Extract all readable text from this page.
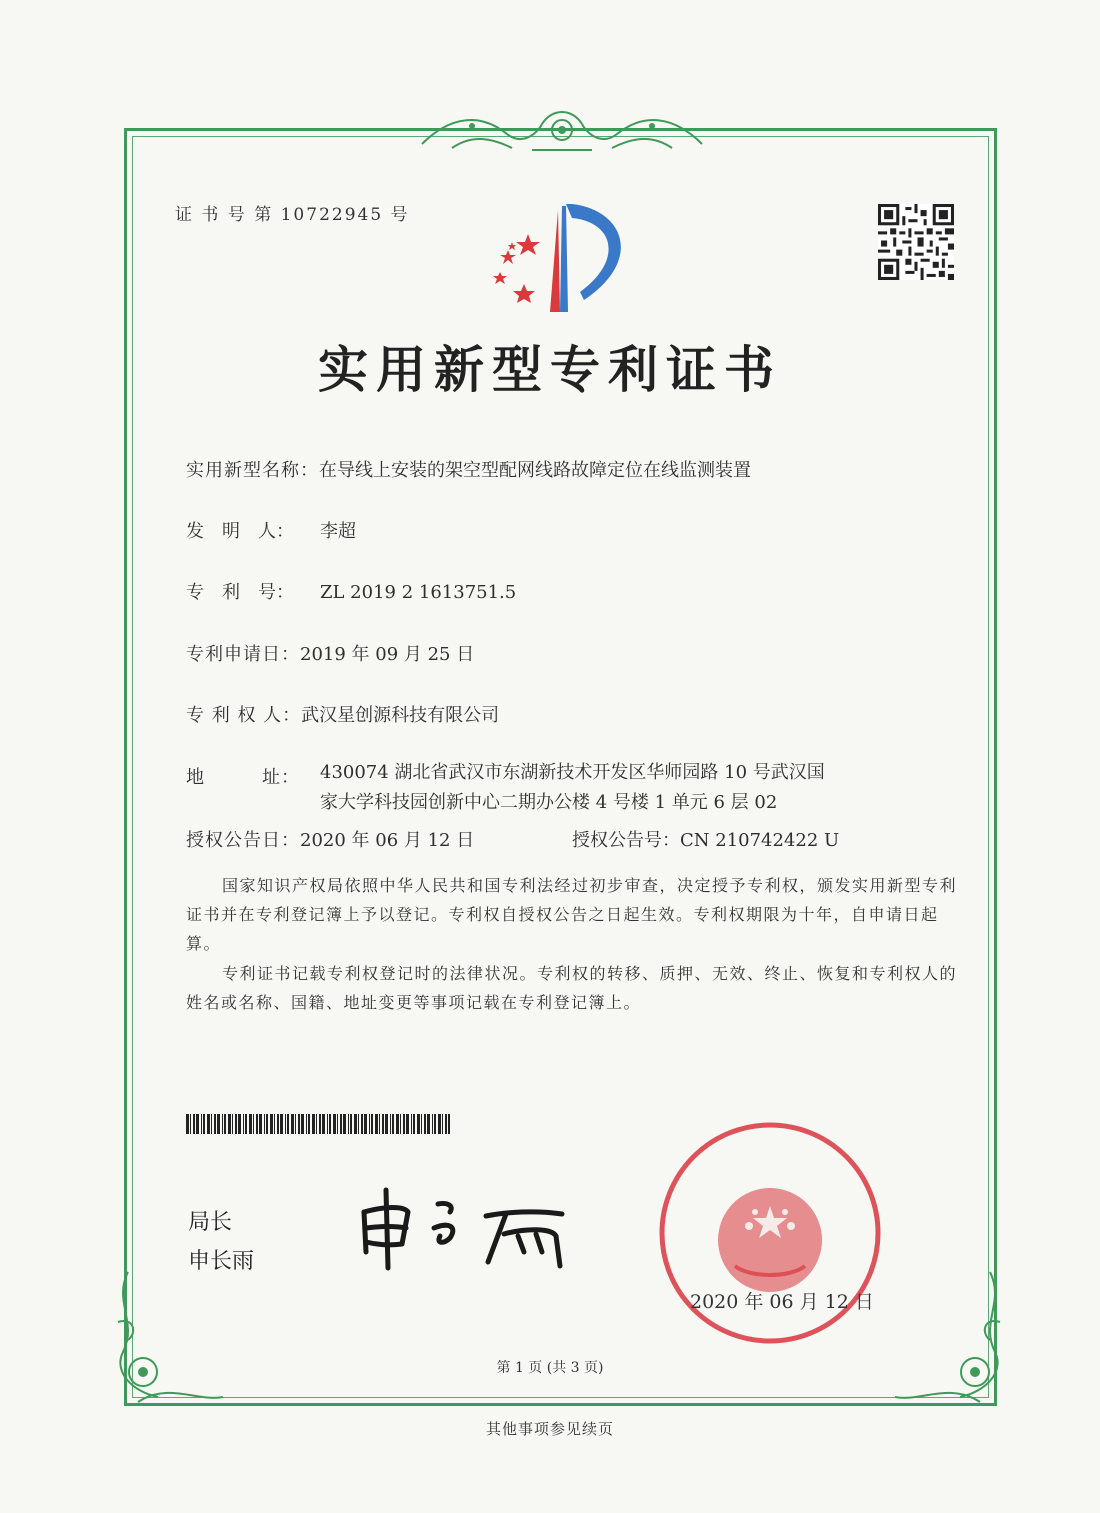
证 书 号 第 10722945 号
实用新型专利证书
实用新型名称：在导线上安装的架空型配网线路故障定位在线监测装置
发　明　人： 李超
专　利　号： ZL 2019 2 1613751.5
专利申请日：2019 年 09 月 25 日
专 利 权 人：武汉星创源科技有限公司
地　　　址： 430074 湖北省武汉市东湖新技术开发区华师园路 10 号武汉国家大学科技园创新中心二期办公楼 4 号楼 1 单元 6 层 02
授权公告日：2020 年 06 月 12 日	授权公告号：CN 210742422 U

国家知识产权局依照中华人民共和国专利法经过初步审查，决定授予专利权，颁发实用新型专利证书并在专利登记簿上予以登记。专利权自授权公告之日起生效。专利权期限为十年，自申请日起算。

专利证书记载专利权登记时的法律状况。专利权的转移、质押、无效、终止、恢复和专利权人的姓名或名称、国籍、地址变更等事项记载在专利登记簿上。

局长
申长雨
2020 年 06 月 12 日
第 1 页 (共 3 页)
其他事项参见续页
